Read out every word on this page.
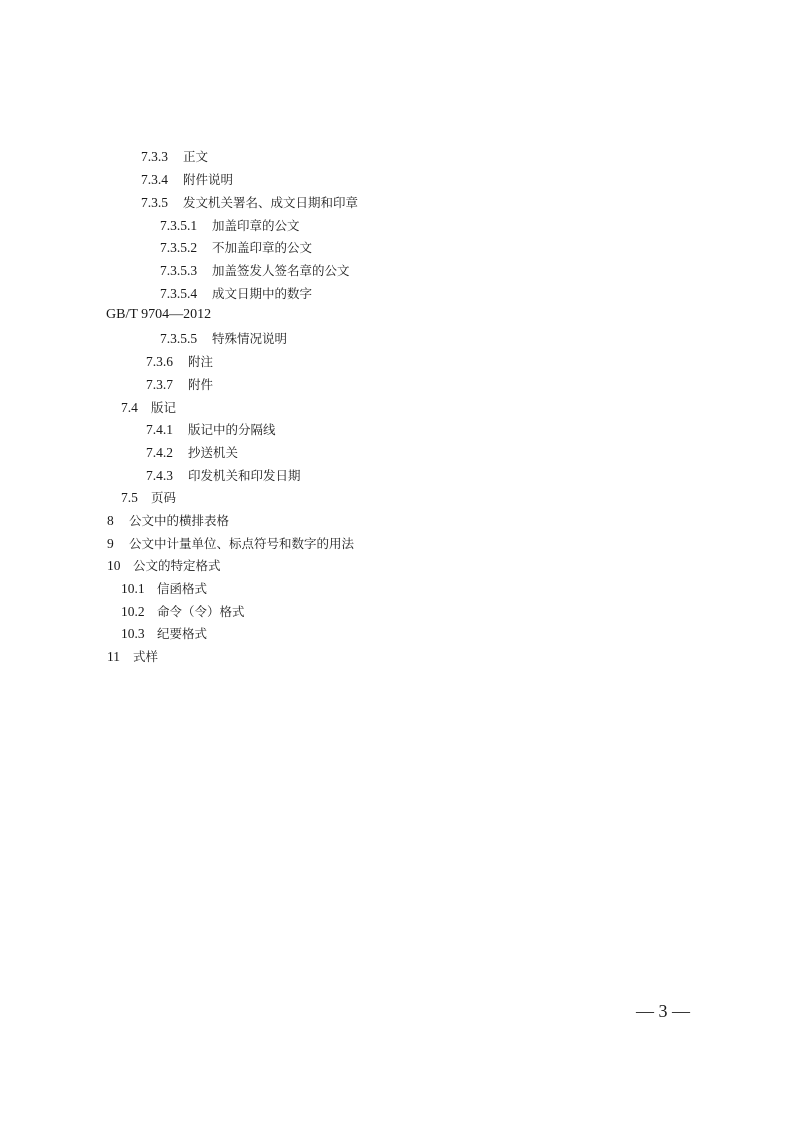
7.3.3 正文
7.3.4 附件说明
7.3.5 发文机关署名、成文日期和印章
7.3.5.1 加盖印章的公文
7.3.5.2 不加盖印章的公文
7.3.5.3 加盖签发人签名章的公文
7.3.5.4 成文日期中的数字
GB/T 9704—2012
7.3.5.5 特殊情况说明
7.3.6 附注
7.3.7 附件
7.4 版记
7.4.1 版记中的分隔线
7.4.2 抄送机关
7.4.3 印发机关和印发日期
7.5 页码
8 公文中的横排表格
9 公文中计量单位、标点符号和数字的用法
10 公文的特定格式
10.1 信函格式
10.2 命令（令）格式
10.3 纪要格式
11 式样
— 3 —
